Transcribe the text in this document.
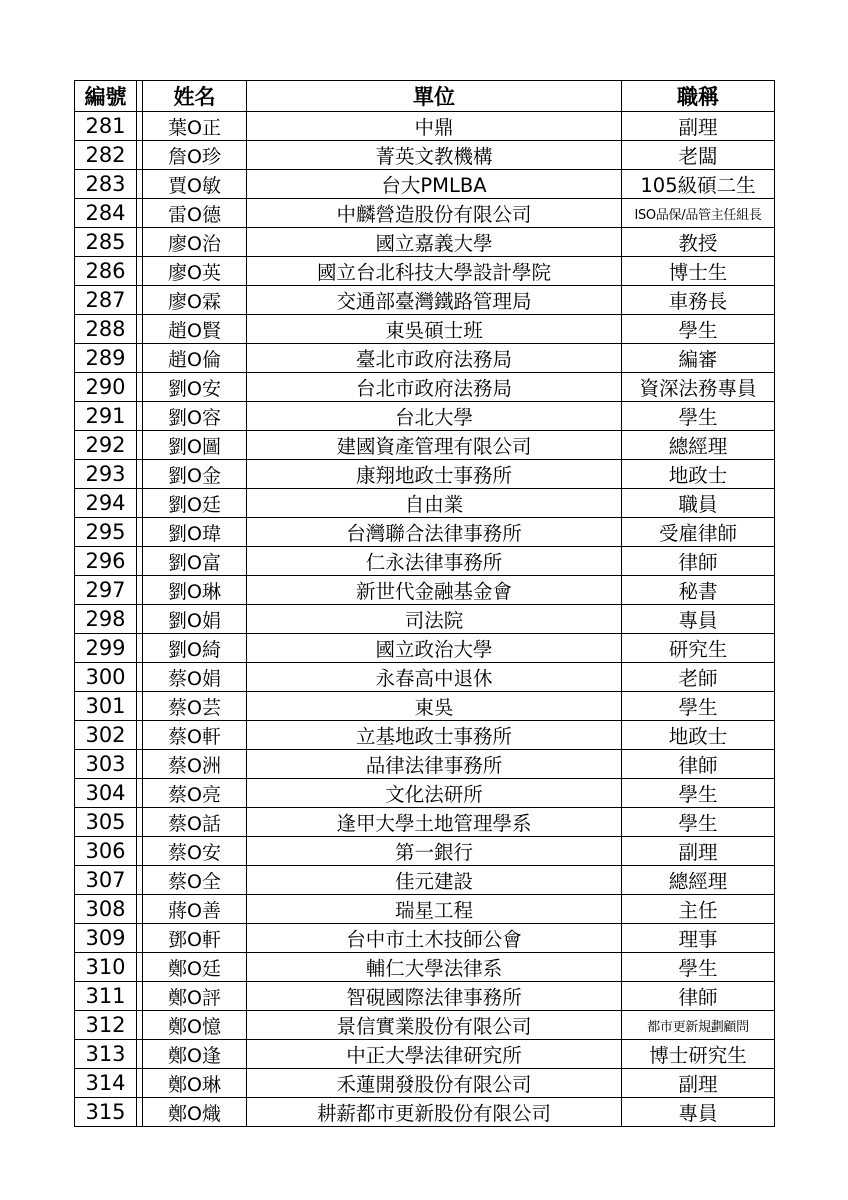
編號		姓名	單位	職稱
281		葉O正	中鼎	副理
282		詹O珍	菁英文教機構	老闆
283		賈O敏	台大PMLBA	105級碩二生
284		雷O德	中麟營造股份有限公司	ISO品保/品管主任組長
285		廖O治	國立嘉義大學	教授
286		廖O英	國立台北科技大學設計學院	博士生
287		廖O霖	交通部臺灣鐵路管理局	車務長
288		趙O賢	東吳碩士班	學生
289		趙O倫	臺北市政府法務局	編審
290		劉O安	台北市政府法務局	資深法務專員
291		劉O容	台北大學	學生
292		劉O圖	建國資產管理有限公司	總經理
293		劉O金	康翔地政士事務所	地政士
294		劉O廷	自由業	職員
295		劉O瑋	台灣聯合法律事務所	受雇律師
296		劉O富	仁永法律事務所	律師
297		劉O琳	新世代金融基金會	秘書
298		劉O娟	司法院	專員
299		劉O綺	國立政治大學	研究生
300		蔡O娟	永春高中退休	老師
301		蔡O芸	東吳	學生
302		蔡O軒	立基地政士事務所	地政士
303		蔡O洲	品律法律事務所	律師
304		蔡O亮	文化法研所	學生
305		蔡O話	逢甲大學土地管理學系	學生
306		蔡O安	第一銀行	副理
307		蔡O全	佳元建設	總經理
308		蔣O善	瑞星工程	主任
309		鄧O軒	台中市土木技師公會	理事
310		鄭O廷	輔仁大學法律系	學生
311		鄭O評	智硯國際法律事務所	律師
312		鄭O憶	景信實業股份有限公司	都市更新規劃顧問
313		鄭O逢	中正大學法律研究所	博士研究生
314		鄭O琳	禾蓮開發股份有限公司	副理
315		鄭O熾	耕薪都市更新股份有限公司	專員
